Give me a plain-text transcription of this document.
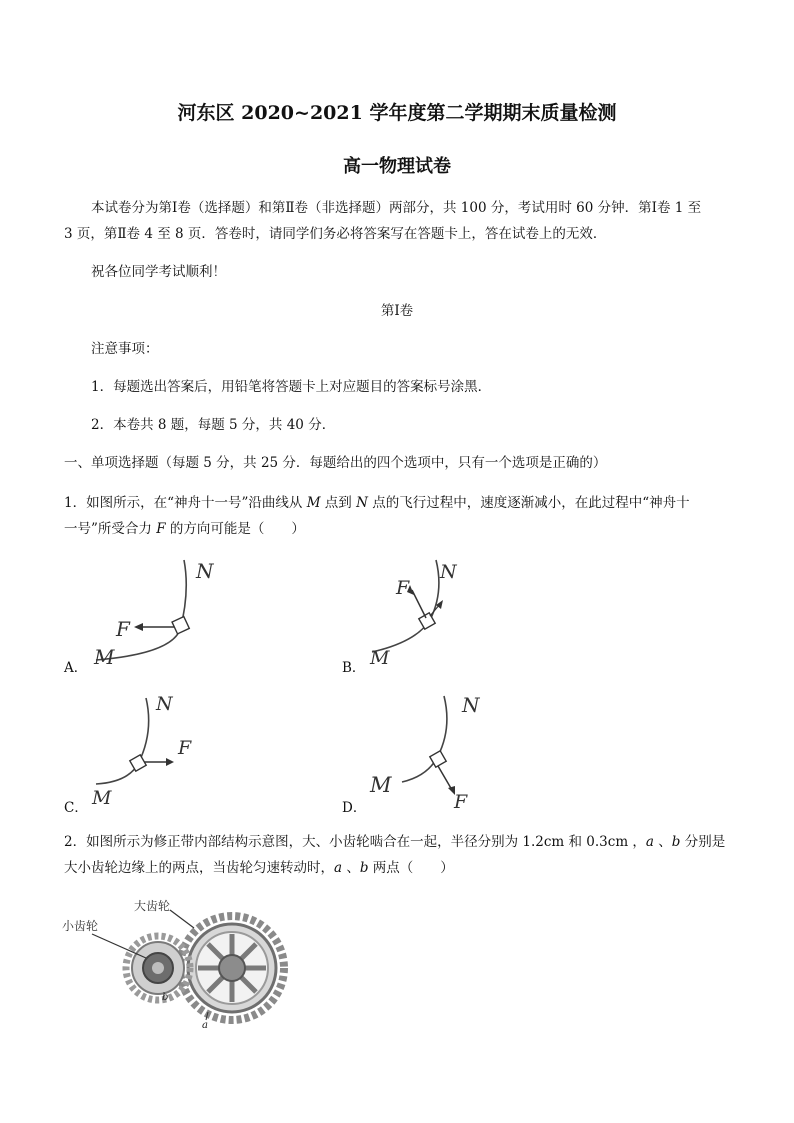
河东区 2020~2021 学年度第二学期期末质量检测
高一物理试卷
本试卷分为第Ⅰ卷（选择题）和第Ⅱ卷（非选择题）两部分，共 100 分，考试用时 60 分钟．第Ⅰ卷 1 至
3 页，第Ⅱ卷 4 至 8 页．答卷时，请同学们务必将答案写在答题卡上，答在试卷上的无效．
祝各位同学考试顺利！
第Ⅰ卷
注意事项：
1．每题选出答案后，用铅笔将答题卡上对应题目的答案标号涂黑．
2．本卷共 8 题，每题 5 分，共 40 分．
一、单项选择题（每题 5 分，共 25 分．每题给出的四个选项中，只有一个选项是正确的）
1．如图所示，在“神舟十一号”沿曲线从 M 点到 N 点的飞行过程中，速度逐渐减小，在此过程中“神舟十
一号”所受合力 F 的方向可能是（　　）
A．
F
M
N
B．
F
M
N
C．
F
M
N
D．	F
M
N
2．如图所示为修正带内部结构示意图，大、小齿轮啮合在一起，半径分别为 1.2cm 和 0.3cm ，a 、b 分别是
大小齿轮边缘上的两点，当齿轮匀速转动时，a 、b 两点（　　）
小齿轮
大齿轮
b
a
